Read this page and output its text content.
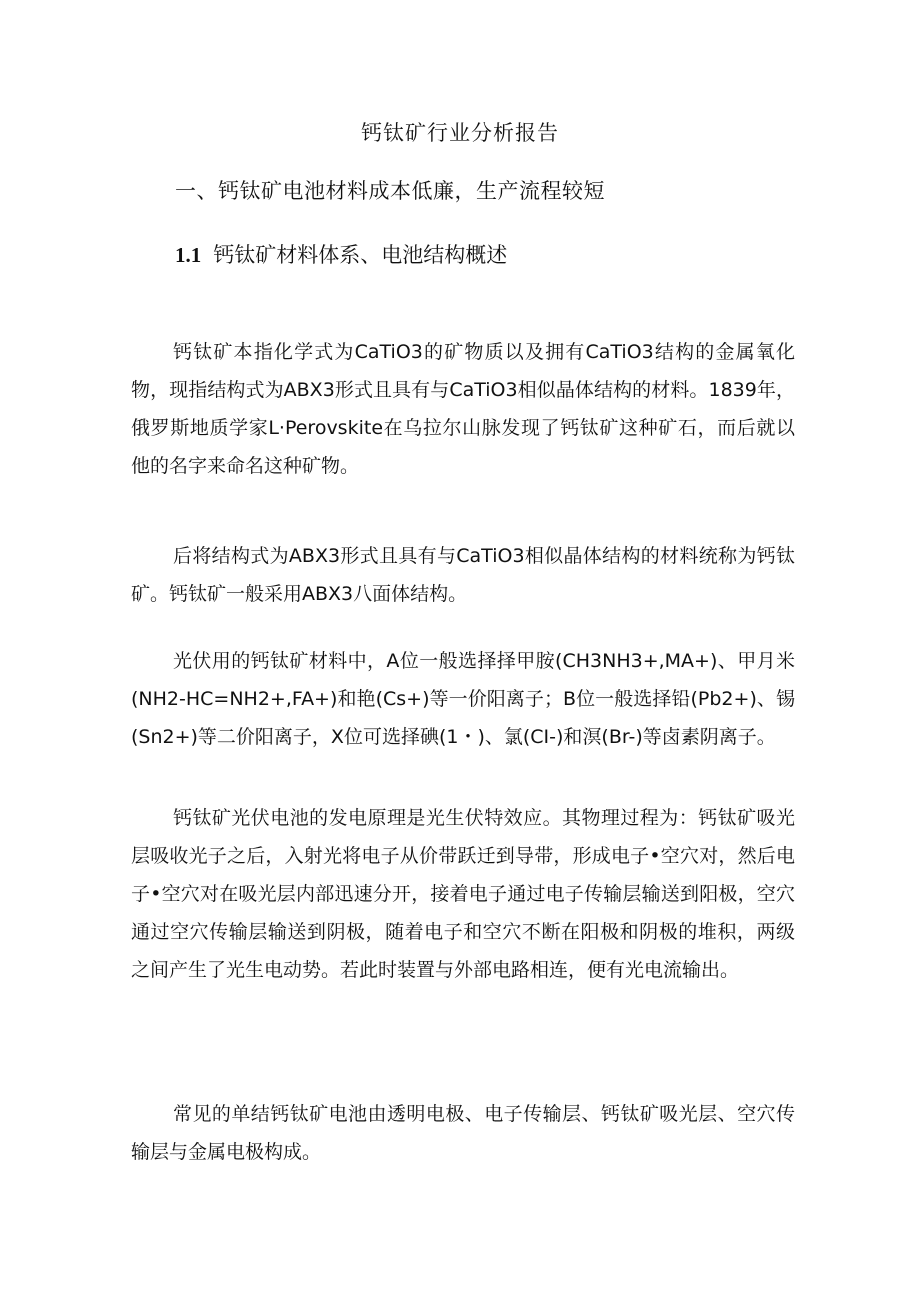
钙钛矿行业分析报告
一、钙钛矿电池材料成本低廉，生产流程较短
1.1 钙钛矿材料体系、电池结构概述

钙钛矿本指化学式为CaTiO3的矿物质以及拥有CaTiO3结构的金属氧化物，现指结构式为ABX3形式且具有与CaTiO3相似晶体结构的材料。1839年，俄罗斯地质学家L·Perovskite在乌拉尔山脉发现了钙钛矿这种矿石，而后就以他的名字来命名这种矿物。

后将结构式为ABX3形式且具有与CaTiO3相似晶体结构的材料统称为钙钛矿。钙钛矿一般采用ABX3八面体结构。

光伏用的钙钛矿材料中，A位一般选择择甲胺(CH3NH3+,MA+)、甲月米(NH2-HC=NH2+,FA+)和艳(Cs+)等一价阳离子；B位一般选择铅(Pb2+)、锡(Sn2+)等二价阳离子，X位可选择碘(1・)、氯(CI-)和溟(Br-)等卤素阴离子。

钙钛矿光伏电池的发电原理是光生伏特效应。其物理过程为：钙钛矿吸光层吸收光子之后，入射光将电子从价带跃迁到导带，形成电子•空穴对，然后电子•空穴对在吸光层内部迅速分开，接着电子通过电子传输层输送到阳极，空穴通过空穴传输层输送到阴极，随着电子和空穴不断在阳极和阴极的堆积，两级之间产生了光生电动势。若此时装置与外部电路相连，便有光电流输出。

常见的单结钙钛矿电池由透明电极、电子传输层、钙钛矿吸光层、空穴传输层与金属电极构成。
